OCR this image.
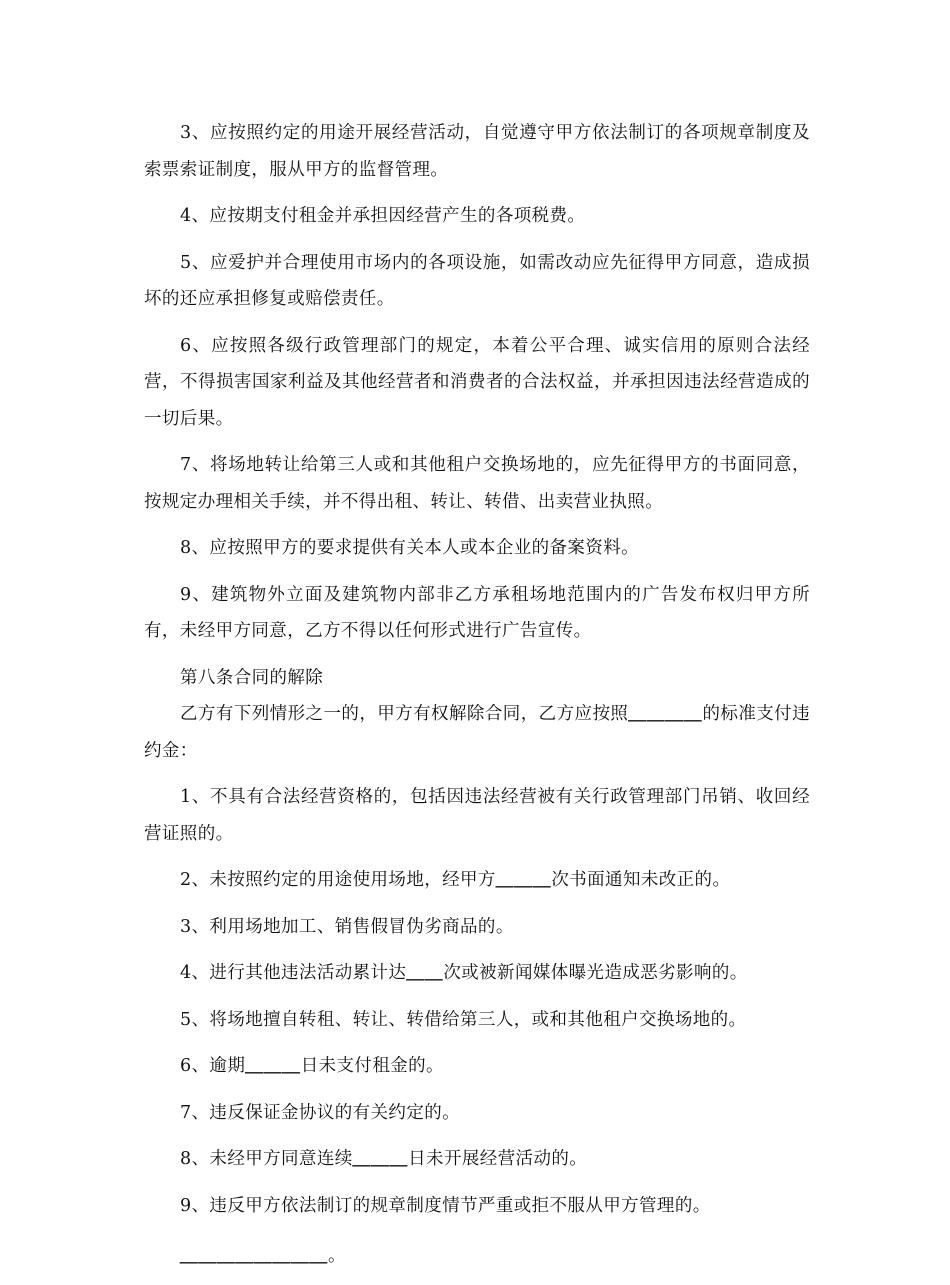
3、应按照约定的用途开展经营活动，自觉遵守甲方依法制订的各项规章制度及索票索证制度，服从甲方的监督管理。

4、应按期支付租金并承担因经营产生的各项税费。

5、应爱护并合理使用市场内的各项设施，如需改动应先征得甲方同意，造成损坏的还应承担修复或赔偿责任。

6、应按照各级行政管理部门的规定，本着公平合理、诚实信用的原则合法经营，不得损害国家利益及其他经营者和消费者的合法权益，并承担因违法经营造成的一切后果。

7、将场地转让给第三人或和其他租户交换场地的，应先征得甲方的书面同意，按规定办理相关手续，并不得出租、转让、转借、出卖营业执照。

8、应按照甲方的要求提供有关本人或本企业的备案资料。

9、建筑物外立面及建筑物内部非乙方承租场地范围内的广告发布权归甲方所有，未经甲方同意，乙方不得以任何形式进行广告宣传。

第八条合同的解除

乙方有下列情形之一的，甲方有权解除合同，乙方应按照＿＿＿＿的标准支付违约金：

1、不具有合法经营资格的，包括因违法经营被有关行政管理部门吊销、收回经营证照的。

2、未按照约定的用途使用场地，经甲方＿＿＿次书面通知未改正的。

3、利用场地加工、销售假冒伪劣商品的。

4、进行其他违法活动累计达＿＿次或被新闻媒体曝光造成恶劣影响的。

5、将场地擅自转租、转让、转借给第三人，或和其他租户交换场地的。

6、逾期＿＿＿日未支付租金的。

7、违反保证金协议的有关约定的。

8、未经甲方同意连续＿＿＿日未开展经营活动的。

9、违反甲方依法制订的规章制度情节严重或拒不服从甲方管理的。

＿＿＿＿＿＿＿＿。
